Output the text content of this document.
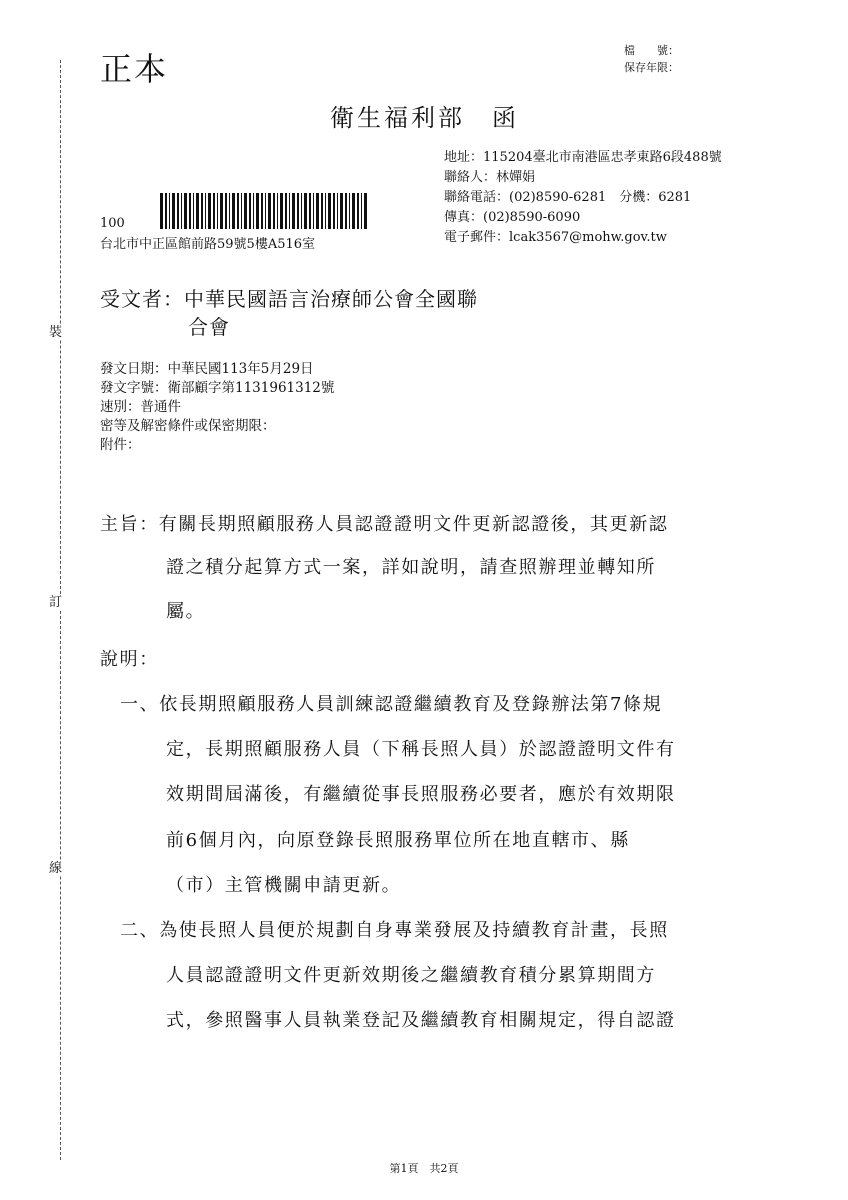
裝
訂
線
正本	檔　　號：
保存年限：
衛生福利部　函
地址：115204臺北市南港區忠孝東路6段488號
聯絡人：林嬋娟
聯絡電話：(02)8590-6281　分機：6281
傳真：(02)8590-6090
電子郵件：lcak3567@mohw.gov.tw
100
台北市中正區館前路59號5樓A516室
受文者：中華民國語言治療師公會全國聯
合會
發文日期：中華民國113年5月29日
發文字號：衛部顧字第1131961312號
速別：普通件
密等及解密條件或保密期限：
附件：
主旨：有關長期照顧服務人員認證證明文件更新認證後，其更新認
證之積分起算方式一案，詳如說明，請查照辦理並轉知所
屬。
說明：
一、依長期照顧服務人員訓練認證繼續教育及登錄辦法第7條規
定，長期照顧服務人員（下稱長照人員）於認證證明文件有
效期間屆滿後，有繼續從事長照服務必要者，應於有效期限
前6個月內，向原登錄長照服務單位所在地直轄市、縣
（市）主管機關申請更新。
二、為使長照人員便於規劃自身專業發展及持續教育計畫，長照
人員認證證明文件更新效期後之繼續教育積分累算期間方
式，參照醫事人員執業登記及繼續教育相關規定，得自認證
第1頁　共2頁
